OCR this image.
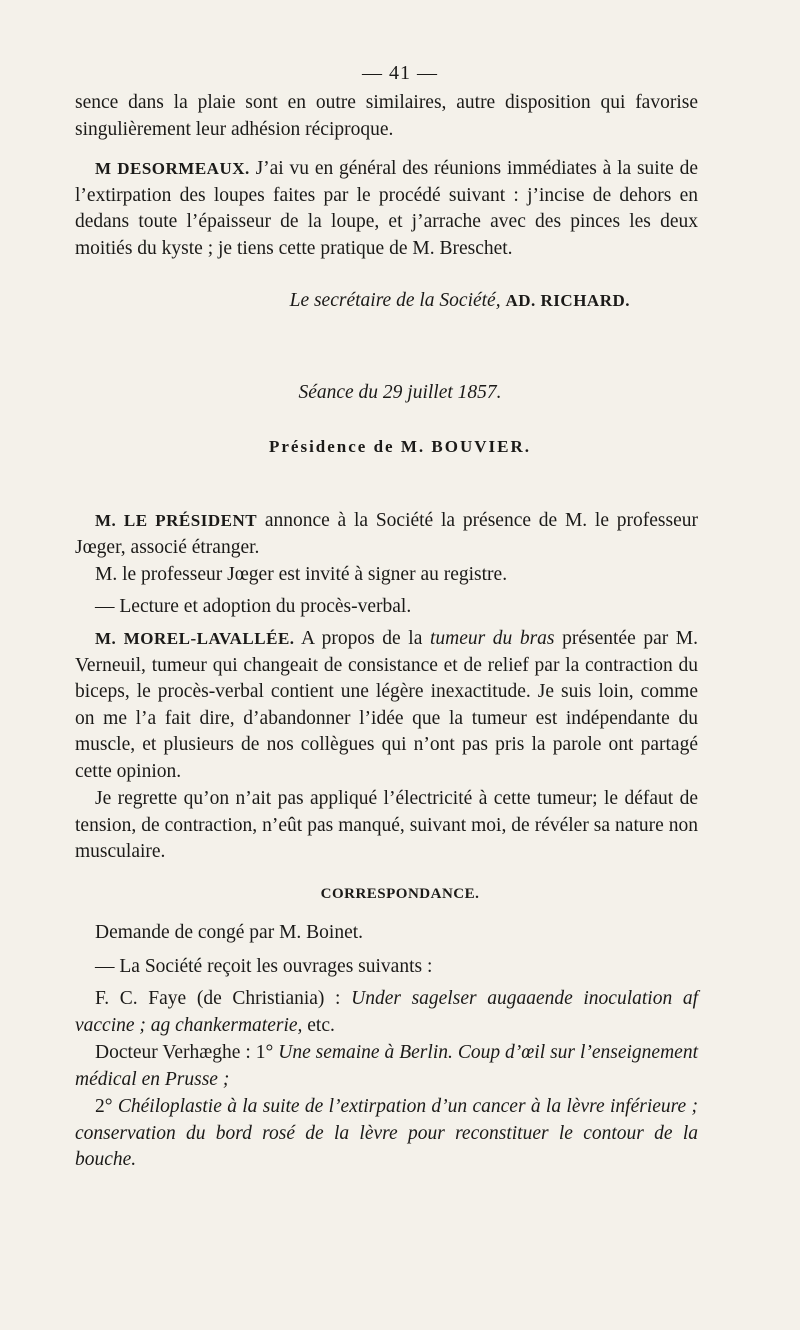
— 41 —

sence dans la plaie sont en outre similaires, autre disposition qui favorise singulièrement leur adhésion réciproque.

M DESORMEAUX. J’ai vu en général des réunions immédiates à la suite de l’extirpation des loupes faites par le procédé suivant : j’incise de dehors en dedans toute l’épaisseur de la loupe, et j’arrache avec des pinces les deux moitiés du kyste ; je tiens cette pratique de M. Breschet.

Le secrétaire de la Société, AD. RICHARD.

Séance du 29 juillet 1857.

Présidence de M. BOUVIER.

M. LE PRÉSIDENT annonce à la Société la présence de M. le professeur Jœger, associé étranger.

M. le professeur Jœger est invité à signer au registre.

— Lecture et adoption du procès-verbal.

M. MOREL-LAVALLÉE. A propos de la tumeur du bras présentée par M. Verneuil, tumeur qui changeait de consistance et de relief par la contraction du biceps, le procès-verbal contient une légère inexactitude. Je suis loin, comme on me l’a fait dire, d’abandonner l’idée que la tumeur est indépendante du muscle, et plusieurs de nos collègues qui n’ont pas pris la parole ont partagé cette opinion.

Je regrette qu’on n’ait pas appliqué l’électricité à cette tumeur; le défaut de tension, de contraction, n’eût pas manqué, suivant moi, de révéler sa nature non musculaire.

CORRESPONDANCE.

Demande de congé par M. Boinet.

— La Société reçoit les ouvrages suivants :

F. C. Faye (de Christiania) : Under sagelser augaaende inoculation af vaccine ; ag chankermaterie, etc.

Docteur Verhæghe : 1° Une semaine à Berlin. Coup d’œil sur l’enseignement médical en Prusse ;

2° Chéiloplastie à la suite de l’extirpation d’un cancer à la lèvre inférieure ; conservation du bord rosé de la lèvre pour reconstituer le contour de la bouche.
